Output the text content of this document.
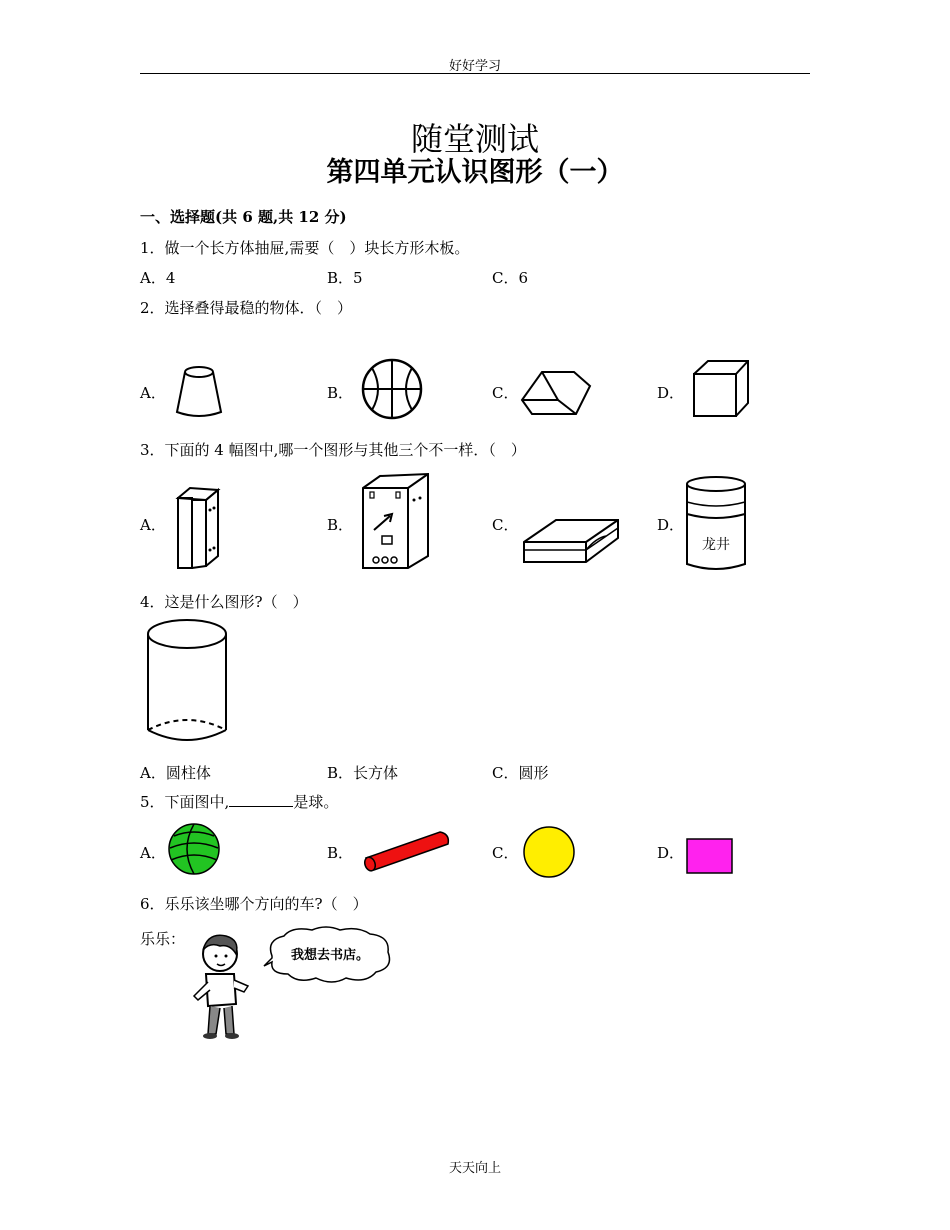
好好学习
随堂测试
第四单元认识图形（一）
一、选择题(共 6 题,共 12 分)
1．做一个长方体抽屉,需要（　）块长方形木板。
A．4	B．5	C．6
2．选择叠得最稳的物体．（　）
A．	B．	C．	D．
3．下面的 4 幅图中,哪一个图形与其他三个不一样．（　）
A．	B．	C．	D．
龙井
4．这是什么图形?（　）
A．圆柱体	B．长方体	C．圆形
5．下面图中,	是球。
A．	B．	C．	D．
6．乐乐该坐哪个方向的车?（　）
乐乐：
我想去书店。
天天向上
